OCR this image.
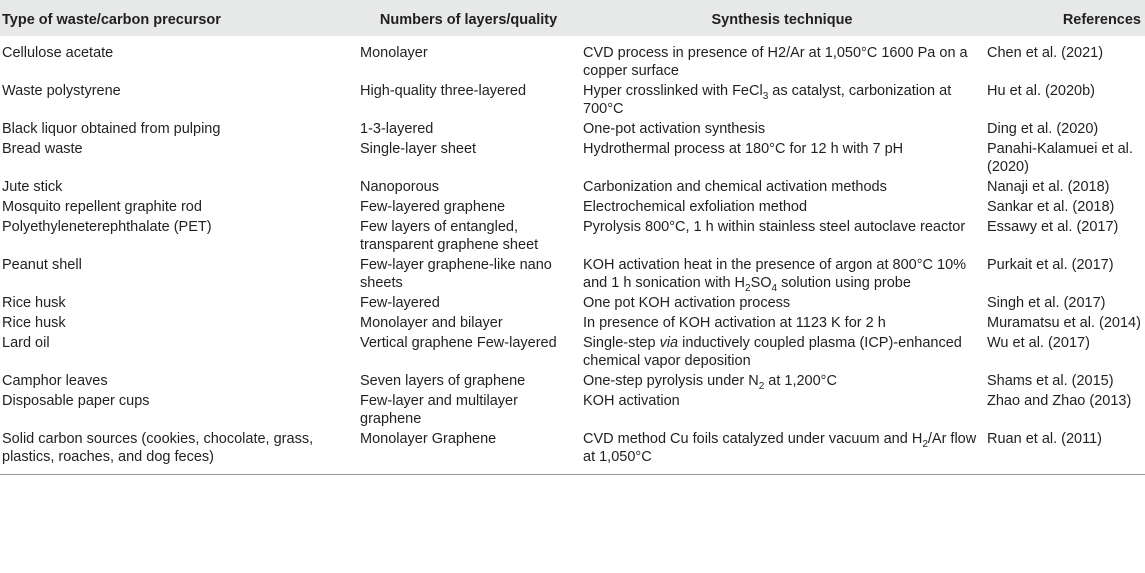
Type of waste/carbon precursor	Numbers of layers/quality	Synthesis technique	References
Cellulose acetate	Monolayer	CVD process in presence of H2/Ar at 1,050°C 1600 Pa on a copper surface	Chen et al. (2021)
Waste polystyrene	High-quality three-layered	Hyper crosslinked with FeCl$_3$ as catalyst, carbonization at 700°C	Hu et al. (2020b)
Black liquor obtained from pulping	1-3-layered	One-pot activation synthesis	Ding et al. (2020)
Bread waste	Single-layer sheet	Hydrothermal process at 180°C for 12 h with 7 pH	Panahi-Kalamuei et al. (2020)
Jute stick	Nanoporous	Carbonization and chemical activation methods	Nanaji et al. (2018)
Mosquito repellent graphite rod	Few-layered graphene	Electrochemical exfoliation method	Sankar et al. (2018)
Polyethyleneterephthalate (PET)	Few layers of entangled, transparent graphene sheet	Pyrolysis 800°C, 1 h within stainless steel autoclave reactor	Essawy et al. (2017)
Peanut shell	Few-layer graphene-like nano sheets	KOH activation heat in the presence of argon at 800°C 10% and 1 h sonication with $H_2SO_4$ solution using probe	Purkait et al. (2017)
Rice husk	Few-layered	One pot KOH activation process	Singh et al. (2017)
Rice husk	Monolayer and bilayer	In presence of KOH activation at 1123 K for 2 h	Muramatsu et al. (2014)
Lard oil	Vertical graphene Few-layered	Single-step via inductively coupled plasma (ICP)-enhanced chemical vapor deposition	Wu et al. (2017)
Camphor leaves	Seven layers of graphene	One-step pyrolysis under $N_2$ at 1,200°C	Shams et al. (2015)
Disposable paper cups	Few-layer and multilayer graphene	KOH activation	Zhao and Zhao (2013)
Solid carbon sources (cookies, chocolate, grass, plastics, roaches, and dog feces)	Monolayer Graphene	CVD method Cu foils catalyzed under vacuum and $H_2/Ar$ flow at 1,050°C	Ruan et al. (2011)
